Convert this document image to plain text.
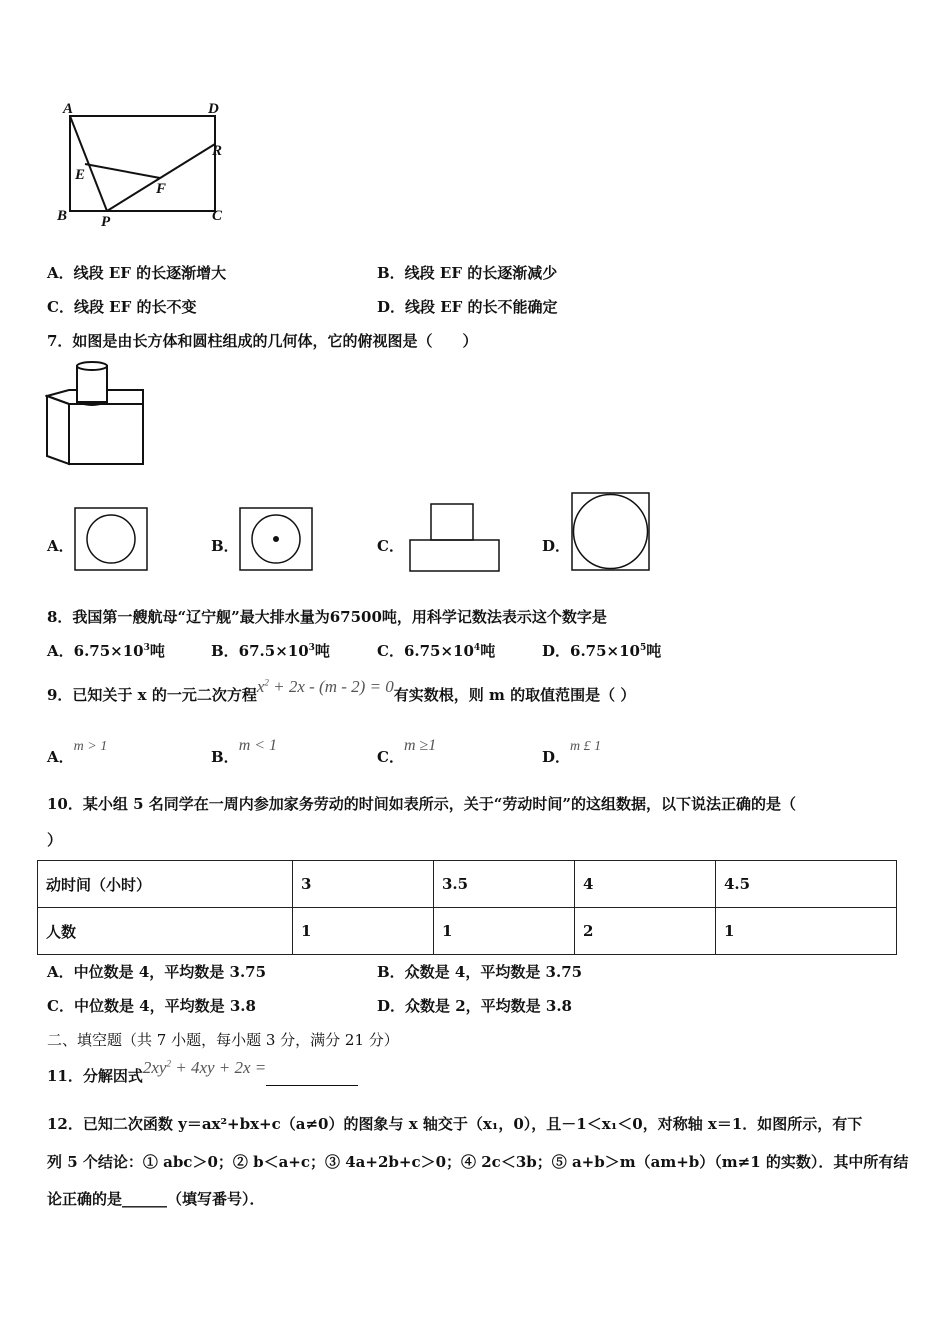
A	D
R
E
F
B P	C
A．线段 EF 的长逐渐增大	B．线段 EF 的长逐渐减少
C．线段 EF 的长不变	D．线段 EF 的长不能确定
7．如图是由长方体和圆柱组成的几何体，它的俯视图是（　　）
A．	B．	C．	D．
8．我国第一艘航母“辽宁舰”最大排水量为67500吨，用科学记数法表示这个数字是
A．$6.75\times 10^3$吨	B．$67.5\times 10^3$吨	C．$6.75\times 10^4$吨	D．$6.75\times 10^5$吨
9．已知关于 x 的一元二次方程$x^2 + 2x - (m - 2) = 0$有实数根，则 m 的取值范围是（ ）
A．m > 1
B．m < 1
C．m ≥1
D．m £ 1
10．某小组 5 名同学在一周内参加家务劳动的时间如表所示，关于“劳动时间”的这组数据，以下说法正确的是（
）
动时间（小时）	3	3.5	4	4.5
人数	1	1	2	1
A．中位数是 4，平均数是 3.75	B．众数是 4，平均数是 3.75
C．中位数是 4，平均数是 3.8	D．众数是 2，平均数是 3.8
二、填空题（共 7 小题，每小题 3 分，满分 21 分）
11．分解因式$2xy^2 + 4xy + 2x$ =
12．已知二次函数 y＝ax²+bx+c（a≠0）的图象与 x 轴交于（x₁，0），且－1＜x₁＜0，对称轴 x＝1．如图所示，有下
列 5 个结论：① abc＞0；② b＜a+c；③ 4a+2b+c＞0；④ 2c＜3b；⑤ a+b＞m（am+b）（m≠1 的实数）．其中所有结
论正确的是______（填写番号）．
